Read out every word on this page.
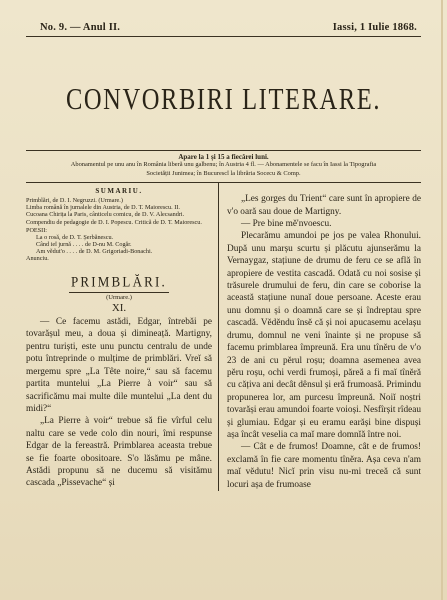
No. 9. — Anul II.	Iassi, 1 Iulie 1868.
CONVORBIRI LITERARE.
Apare la 1 și 15 a fiecărei luni.
Abonamentul pe unu anu în România liberă unu galbenu; în Austria 4 fl. — Abonamentele se facu în Iassi la Tipografia
Societății Junimea; în Bucurescĭ la librăria Socecu & Comp.
SUMARIU.
Primblări, de D. I. Negruzzi. (Urmare.)
Limba română în jurnalele din Austria, de D. T. Maiorescu. II.
Cucoana Chirița la Paris, cânticelu comicu, de D. V. Alecsandri.
Compendiu de pedagogie de D. I. Popescu. Critică de D. T. Maiorescu.
POESII:
La o rosă, de D. T. Șerbănescu.
Când ieĭ jurnă . . . . de D-nu M. Cogăr.
Am vĕdut'o . . . . de D. M. Grigoriadi-Bonachi.
Anunciu.
PRIMBLĂRI.
(Urmare.)
XI.

— Ce facemu astădi, Edgar, întrebăi pe tovarășul meu, a doua și dimineață. Martigny, pentru turiști, este unu punctu centralu de unde potu întreprinde o mulțime de primblări. Vreĭ să mergemu spre „La Tête noire,“ sau să facemu partita muntelui „La Pierre à voir“ sau să sacrificămu mai multe dile muntelui „La dent du midi?“

„La Pierre à voir“ trebue să fie vîrful celu naltu care se vede colo din nouri, îmi respunse Edgar de la fereastră. Primblarea aceasta trebue se fie foarte obositoare. S'o lăsămu pe mâne. Astădi propunu să ne ducemu să visitămu cascada „Pissevache“ și

„Les gorges du Trient“ care sunt în apropiere de v'o oară sau doue de Martigny.

— Pre bine mĕ'nvoescu.

Plecarămu amundoi pe jos pe valea Rhonului. După unu marșu scurtu și plăcutu ajunserămu la Vernaygaz, stațiune de drumu de feru ce se află în apropiere de vestita cascadă. Odată cu noi sosise și trăsurele drumului de feru, din care se coborise la această stațiune nunaĭ doue persoane. Aceste erau unu domnu și o doamnă care se și îndreptau spre cascadă. Vĕdĕndu însĕ că și noi apucasemu acelașu drumu, domnul ne veni înainte și ne propuse să facemu primblarea împreună. Era unu tînĕru de v'o 23 de ani cu pĕrul roșu; doamna asemenea avea pĕru roșu, ochi verdi frumoși, păreă a fi maĭ tînĕră cu cățiva ani decât dênsul și eră frumoasă. Primindu propunerea lor, am purcesu împreună. Noiĭ noștri tovarăși erau amundoi foarte voioși. Nesfîrșit rîdeau și glumiau. Edgar și eu eramu earăși bine dispuși așa încât veselia ca maĭ mare domnĭă între noi.

— Cât e de frumos! Doamne, cât e de frumos! exclamă în fie care momentu tînĕra. Așa ceva n'am maĭ vĕdutu! Nicĭ prin visu nu-mi treceă că sunt locuri așa de frumoase
